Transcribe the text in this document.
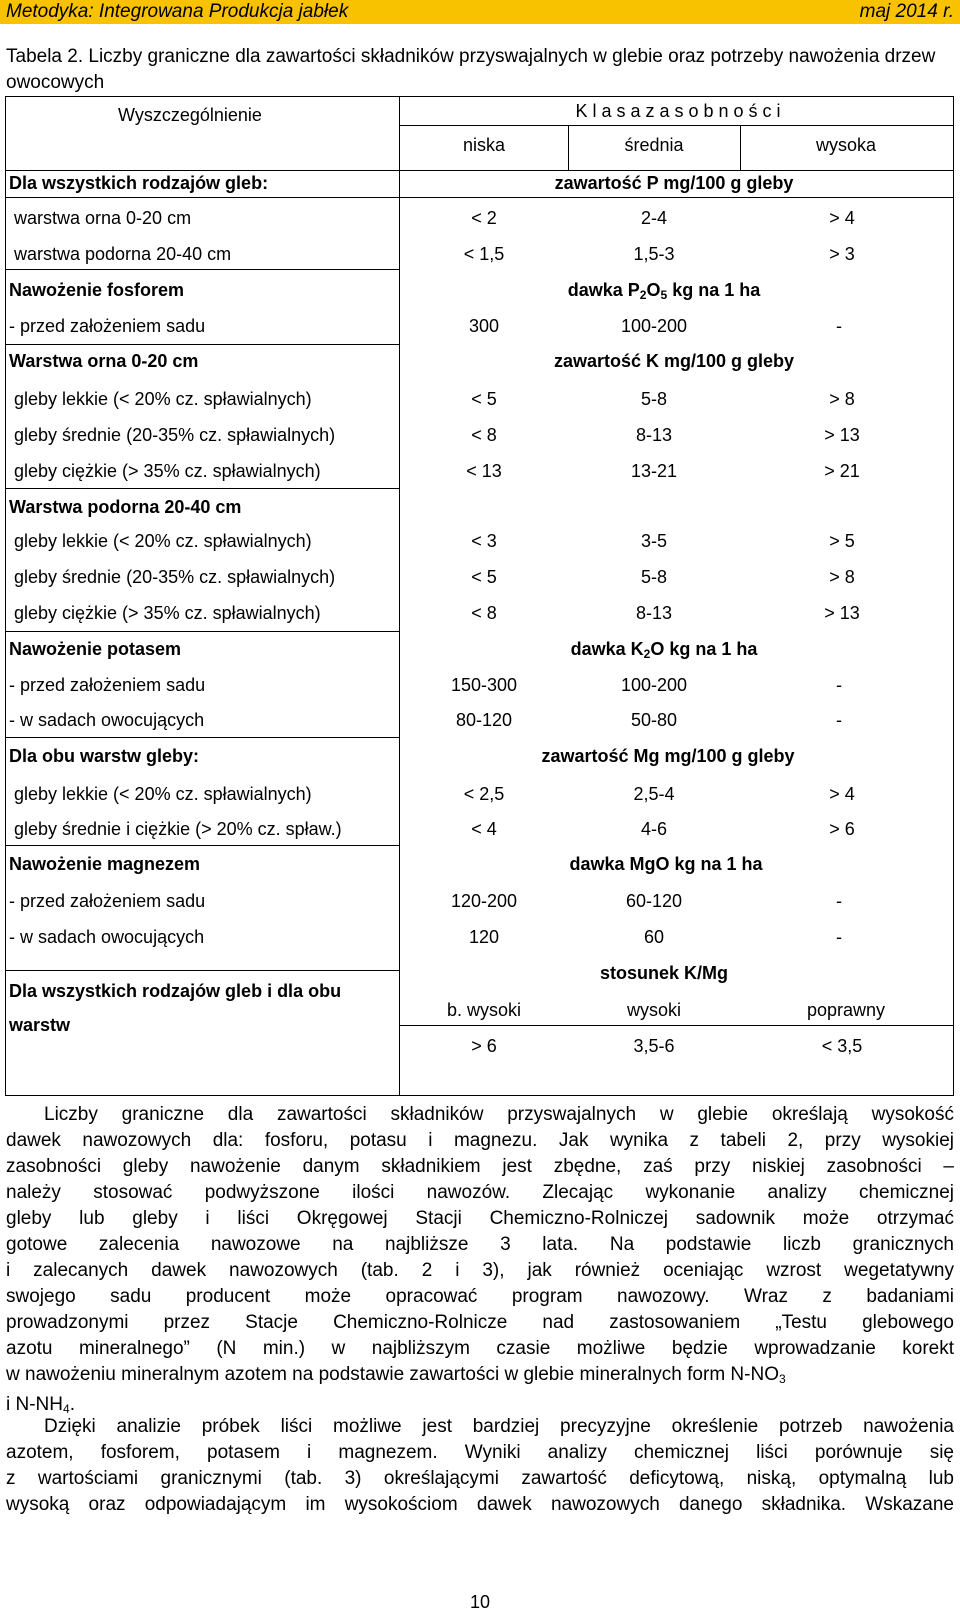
Metodyka: Integrowana Produkcja jabłek	maj 2014 r.
Tabela 2. Liczby graniczne dla zawartości składników przyswajalnych w glebie oraz potrzeby nawożenia drzew owocowych
Wyszczególnienie	K l a s a z a s o b n o ś c i
niska	średnia	wysoka
Dla wszystkich rodzajów gleb:	zawartość P mg/100 g gleby
warstwa orna 0-20 cm	< 2	2-4	> 4
warstwa podorna 20-40 cm	< 1,5	1,5-3	> 3
Nawożenie fosforem	dawka $P_2O_5$ kg na 1 ha
- przed założeniem sadu	300	100-200	-
Warstwa orna 0-20 cm	zawartość K mg/100 g gleby
gleby lekkie (< 20% cz. spławialnych)	< 5	5-8	> 8
gleby średnie (20-35% cz. spławialnych)	< 8	8-13	> 13
gleby ciężkie (> 35% cz. spławialnych)	< 13	13-21	> 21
Warstwa podorna 20-40 cm
gleby lekkie (< 20% cz. spławialnych)	< 3	3-5	> 5
gleby średnie (20-35% cz. spławialnych)	< 5	5-8	> 8
gleby ciężkie (> 35% cz. spławialnych)	< 8	8-13	> 13
Nawożenie potasem	dawka $K_2O$ kg na 1 ha
- przed założeniem sadu	150-300	100-200	-
- w sadach owocujących	80-120	50-80	-
Dla obu warstw gleby:	zawartość Mg mg/100 g gleby
gleby lekkie (< 20% cz. spławialnych)	< 2,5	2,5-4	> 4
gleby średnie i ciężkie (> 20% cz. spław.)	< 4	4-6	> 6
Nawożenie magnezem	dawka MgO kg na 1 ha
- przed założeniem sadu	120-200	60-120	-
- w sadach owocujących	120	60	-
stosunek K/Mg
Dla wszystkich rodzajów gleb i dla obu
warstw
b. wysoki	wysoki	poprawny
> 6	3,5-6	< 3,5
Liczby graniczne dla zawartości składników przyswajalnych w glebie określają wysokość
dawek nawozowych dla: fosforu, potasu i magnezu. Jak wynika z tabeli 2, przy wysokiej
zasobności gleby nawożenie danym składnikiem jest zbędne, zaś przy niskiej zasobności –
należy stosować podwyższone ilości nawozów. Zlecając wykonanie analizy chemicznej
gleby lub gleby i liści Okręgowej Stacji Chemiczno-Rolniczej sadownik może otrzymać
gotowe zalecenia nawozowe na najbliższe 3 lata. Na podstawie liczb granicznych
i zalecanych dawek nawozowych (tab. 2 i 3), jak również oceniając wzrost wegetatywny
swojego sadu producent może opracować program nawozowy. Wraz z badaniami
prowadzonymi przez Stacje Chemiczno-Rolnicze nad zastosowaniem „Testu glebowego
azotu mineralnego” (N min.) w najbliższym czasie możliwe będzie wprowadzanie korekt
w nawożeniu mineralnym azotem na podstawie zawartości w glebie mineralnych form $N-NO_3$
i $N-NH_4$.
Dzięki analizie próbek liści możliwe jest bardziej precyzyjne określenie potrzeb nawożenia
azotem, fosforem, potasem i magnezem. Wyniki analizy chemicznej liści porównuje się
z wartościami granicznymi (tab. 3) określającymi zawartość deficytową, niską, optymalną lub
wysoką oraz odpowiadającym im wysokościom dawek nawozowych danego składnika. Wskazane
10
